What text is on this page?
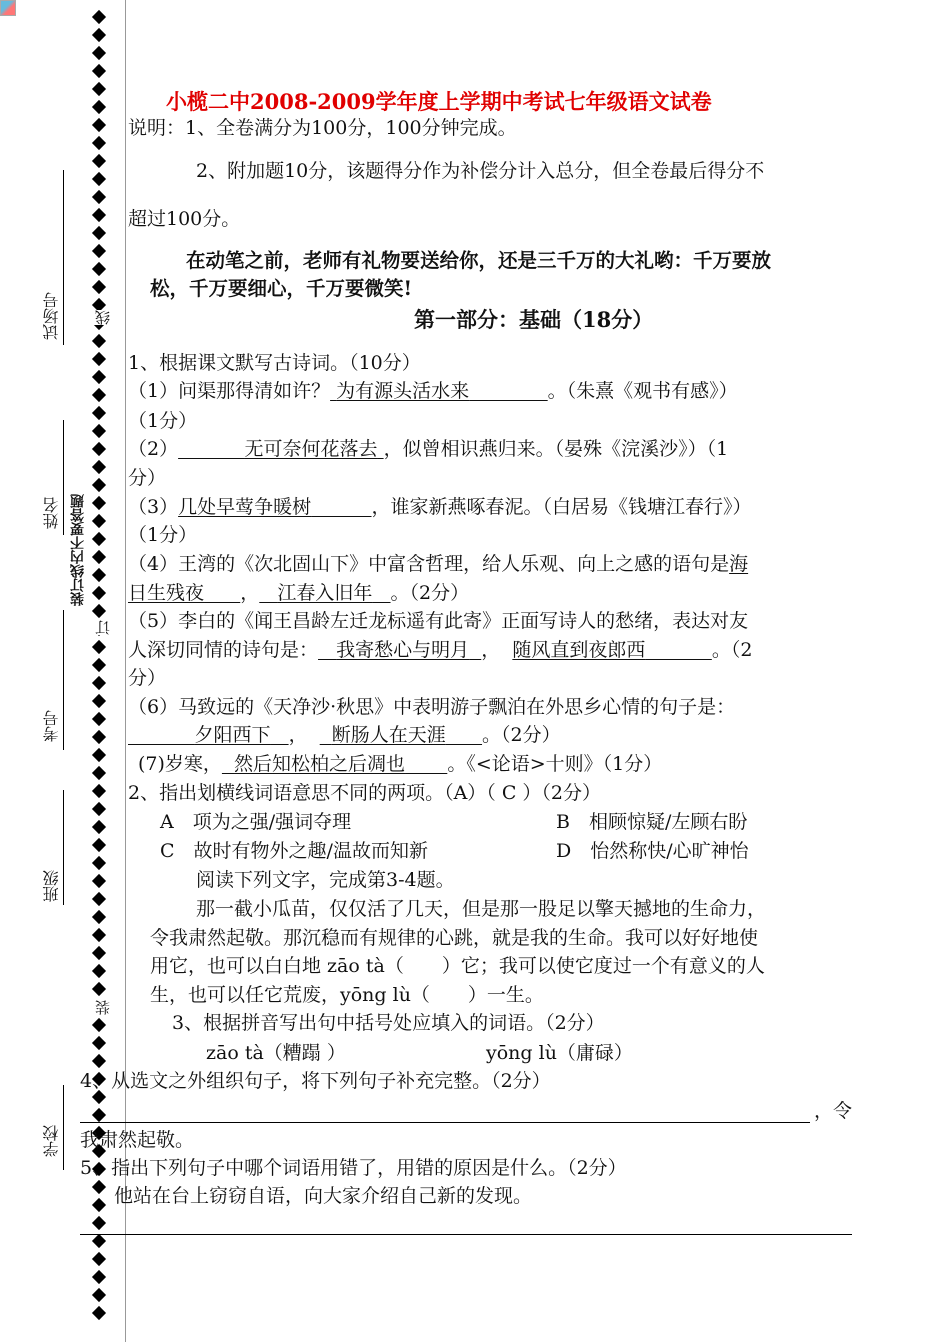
试场号
姓名
考号
班级
学校
装订线内不要答题
线
订
装
小榄二中2008-2009学年度上学期中考试七年级语文试卷
说明：1、全卷满分为100分，100分钟完成。
2、附加题10分，该题得分作为补偿分计入总分，但全卷最后得分不
超过100分。
在动笔之前，老师有礼物要送给你，还是三千万的大礼哟：千万要放
松，千万要细心，千万要微笑!
第一部分：基础（18分）
1、根据课文默写古诗词。（10分）
（1）问渠那得清如许？ 为有源头活水来	。（朱熹《观书有感》）
（1分）
（2）	无可奈何花落去 ，似曾相识燕归来。（晏殊《浣溪沙》）（1
分）
（3）几处早莺争暖树	，谁家新燕啄春泥。（白居易《钱塘江春行》）
（1分）
（4）王湾的《次北固山下》中富含哲理，给人乐观、向上之感的语句是海
日生残夜 ， 江春入旧年 。（2分）
（5）李白的《闻王昌龄左迁龙标遥有此寄》正面写诗人的愁绪，表达对友
人深切同情的诗句是： 我寄愁心与明月 ， 随风直到夜郎西	。（2
分）
（6）马致远的《天净沙·秋思》中表明游子飘泊在外思乡心情的句子是：
夕阳西下 ， 断肠人在天涯 。（2分）
(7)岁寒， 然后知松柏之后凋也 。《<论语>十则》（1分）
2、指出划横线词语意思不同的两项。（A）（ C ）（2分）
A　项为之强/强词夺理	B　相顾惊疑/左顾右盼
C　故时有物外之趣/温故而知新	D　怡然称快/心旷神怡
阅读下列文字，完成第3-4题。
那一截小瓜苗，仅仅活了几天，但是那一股足以擎天撼地的生命力，
令我肃然起敬。那沉稳而有规律的心跳，就是我的生命。我可以好好地使
用它，也可以白白地 zāo tà（　　）它；我可以使它度过一个有意义的人
生，也可以任它荒废，yōng lù（　　）一生。
3、根据拼音写出句中括号处应填入的词语。（2分）
zāo tà（糟蹋 ）	yōng lù（庸碌）
4、从选文之外组织句子，将下列句子补充完整。（2分）
，令
我肃然起敬。
5、指出下列句子中哪个词语用错了，用错的原因是什么。（2分）
他站在台上窃窃自语，向大家介绍自己新的发现。
